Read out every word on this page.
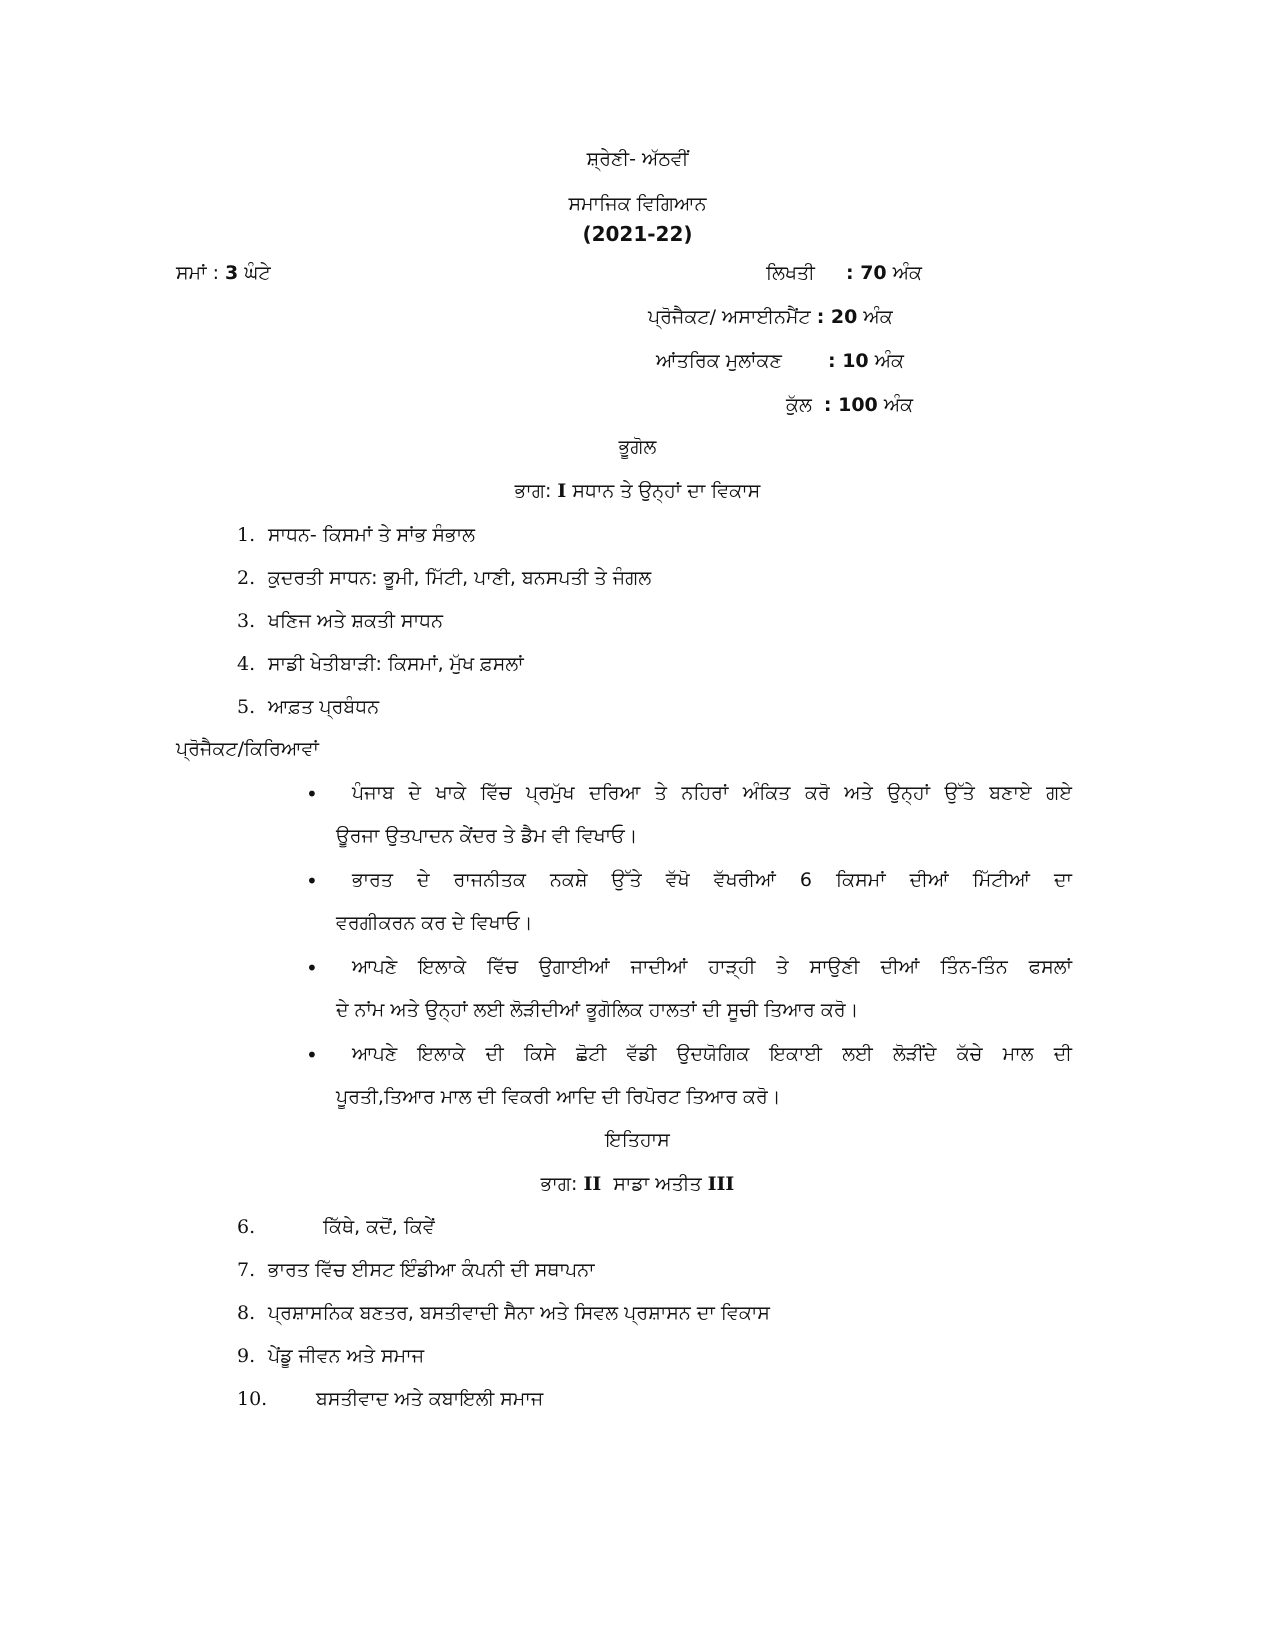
ਸ਼੍ਰੇਣੀ- ਅੱਠਵੀਂ
ਸਮਾਜਿਕ ਵਿਗਿਆਨ
(2021-22)
ਸਮਾਂ : 3 ਘੰਟੇ	ਲਿਖਤੀ : 70 ਅੰਕ
ਪ੍ਰੋਜੈਕਟ/ ਅਸਾਈਨਮੈਂਟ : 20 ਅੰਕ
ਆਂਤਰਿਕ ਮੁਲਾਂਕਣ : 10 ਅੰਕ
ਕੁੱਲ : 100 ਅੰਕ
ਭੂਗੋਲ
ਭਾਗ: I ਸਧਾਨ ਤੇ ਉਨ੍ਹਾਂ ਦਾ ਵਿਕਾਸ
1. ਸਾਧਨ- ਕਿਸਮਾਂ ਤੇ ਸਾਂਭ ਸੰਭਾਲ
2. ਕੁਦਰਤੀ ਸਾਧਨ: ਭੂਮੀ, ਮਿੱਟੀ, ਪਾਣੀ, ਬਨਸਪਤੀ ਤੇ ਜੰਗਲ
3. ਖਣਿਜ ਅਤੇ ਸ਼ਕਤੀ ਸਾਧਨ
4. ਸਾਡੀ ਖੇਤੀਬਾੜੀ: ਕਿਸਮਾਂ, ਮੁੱਖ ਫ਼ਸਲਾਂ
5. ਆਫ਼ਤ ਪ੍ਰਬੰਧਨ
ਪ੍ਰੋਜੈਕਟ/ਕਿਰਿਆਵਾਂ
• ਪੰਜਾਬ ਦੇ ਖਾਕੇ ਵਿੱਚ ਪ੍ਰਮੁੱਖ ਦਰਿਆ ਤੇ ਨਹਿਰਾਂ ਅੰਕਿਤ ਕਰੋ ਅਤੇ ਉਨ੍ਹਾਂ ਉੱਤੇ ਬਣਾਏ ਗਏ
ਊਰਜਾ ਉਤਪਾਦਨ ਕੇਂਦਰ ਤੇ ਡੈਮ ਵੀ ਵਿਖਾਓ।
• ਭਾਰਤ ਦੇ ਰਾਜਨੀਤਕ ਨਕਸ਼ੇ ਉੱਤੇ ਵੱਖੋ ਵੱਖਰੀਆਂ 6 ਕਿਸਮਾਂ ਦੀਆਂ ਮਿੱਟੀਆਂ ਦਾ
ਵਰਗੀਕਰਨ ਕਰ ਦੇ ਵਿਖਾਓ।
• ਆਪਣੇ ਇਲਾਕੇ ਵਿੱਚ ਉਗਾਈਆਂ ਜਾਦੀਆਂ ਹਾੜ੍ਹੀ ਤੇ ਸਾਉਣੀ ਦੀਆਂ ਤਿੰਨ-ਤਿੰਨ ਫਸਲਾਂ
ਦੇ ਨਾਂਮ ਅਤੇ ਉਨ੍ਹਾਂ ਲਈ ਲੋੜੀਦੀਆਂ ਭੂਗੋਲਿਕ ਹਾਲਤਾਂ ਦੀ ਸੂਚੀ ਤਿਆਰ ਕਰੋ।
• ਆਪਣੇ ਇਲਾਕੇ ਦੀ ਕਿਸੇ ਛੋਟੀ ਵੱਡੀ ਉਦਯੋਗਿਕ ਇਕਾਈ ਲਈ ਲੋੜੀਂਦੇ ਕੱਚੇ ਮਾਲ ਦੀ
ਪੂਰਤੀ,ਤਿਆਰ ਮਾਲ ਦੀ ਵਿਕਰੀ ਆਦਿ ਦੀ ਰਿਪੋਰਟ ਤਿਆਰ ਕਰੋ।
ਇਤਿਹਾਸ
ਭਾਗ: II ਸਾਡਾ ਅਤੀਤ III
6.	ਕਿੱਥੇ, ਕਦੋਂ, ਕਿਵੇਂ
7. ਭਾਰਤ ਵਿੱਚ ਈਸਟ ਇੰਡੀਆ ਕੰਪਨੀ ਦੀ ਸਥਾਪਨਾ
8. ਪ੍ਰਸ਼ਾਸਨਿਕ ਬਣਤਰ, ਬਸਤੀਵਾਦੀ ਸੈਨਾ ਅਤੇ ਸਿਵਲ ਪ੍ਰਸ਼ਾਸਨ ਦਾ ਵਿਕਾਸ
9. ਪੇਂਡੂ ਜੀਵਨ ਅਤੇ ਸਮਾਜ
10.	ਬਸਤੀਵਾਦ ਅਤੇ ਕਬਾਇਲੀ ਸਮਾਜ
